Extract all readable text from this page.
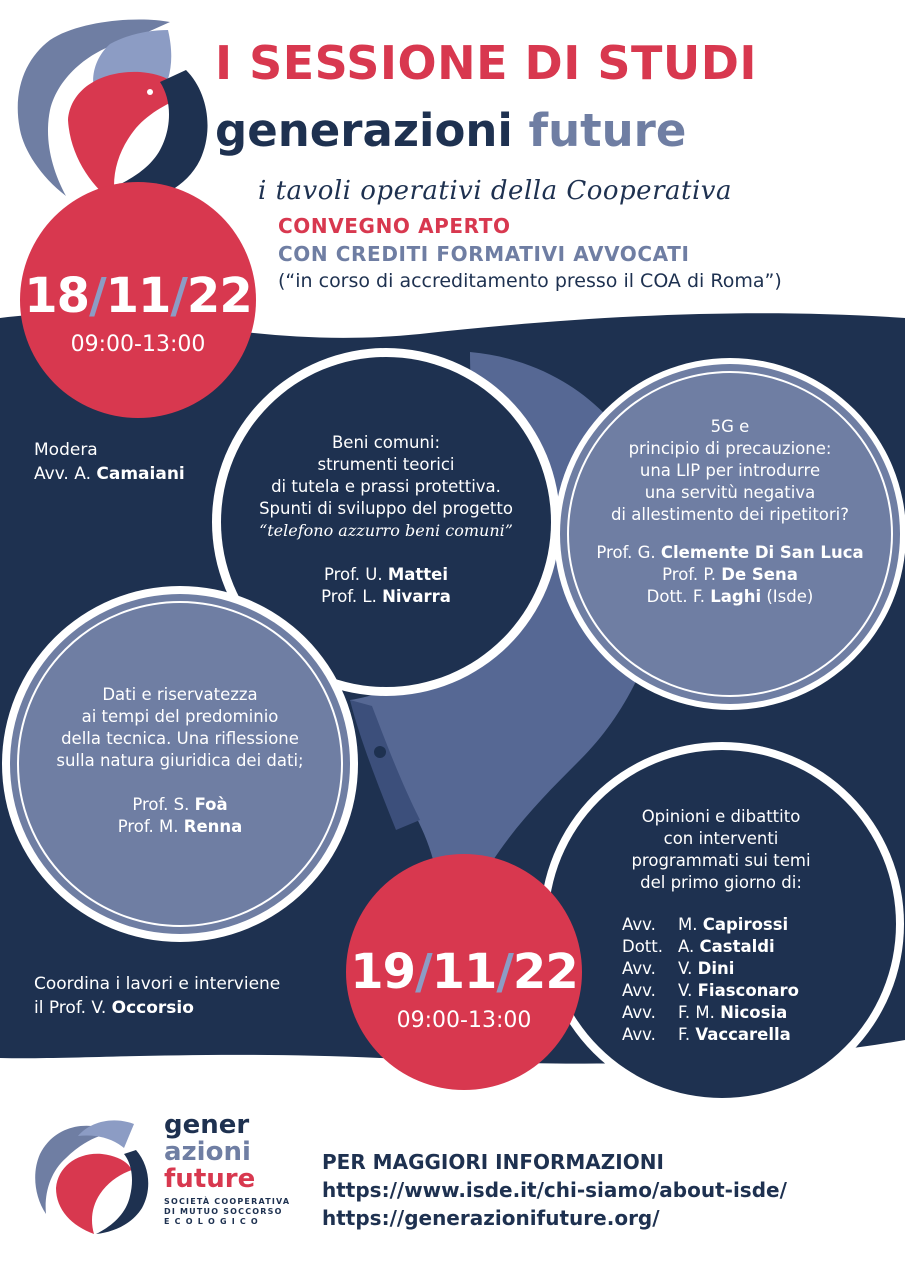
I SESSIONE DI STUDI
generazioni future
i tavoli operativi della Cooperativa
CONVEGNO APERTO
CON CREDITI FORMATIVI AVVOCATI
(“in corso di accreditamento presso il COA di Roma”)
18/11/22
09:00-13:00
Modera
Avv. A. Camaiani
Beni comuni:
strumenti teorici
di tutela e prassi protettiva.
Spunti di sviluppo del progetto
“telefono azzurro beni comuni”
Prof. U. Mattei
Prof. L. Nivarra
5G e
principio di precauzione:
una LIP per introdurre
una servitù negativa
di allestimento dei ripetitori?
Prof. G. Clemente Di San Luca
Prof. P. De Sena
Dott. F. Laghi (Isde)
Dati e riservatezza
ai tempi del predominio
della tecnica. Una riflessione
sulla natura giuridica dei dati;
Prof. S. Foà
Prof. M. Renna
Opinioni e dibattito
con interventi
programmati sui temi
del primo giorno di:
Avv. M. Capirossi
Dott. A. Castaldi
Avv. V. Dini
Avv. V. Fiasconaro
Avv. F. M. Nicosia
Avv. F. Vaccarella
19/11/22
09:00-13:00
Coordina i lavori e interviene
il Prof. V. Occorsio
gener
azioni
future
SOCIETÀ COOPERATIVA
DI MUTUO SOCCORSO
E C O L O G I C O
PER MAGGIORI INFORMAZIONI
https://www.isde.it/chi-siamo/about-isde/
https://generazionifuture.org/
